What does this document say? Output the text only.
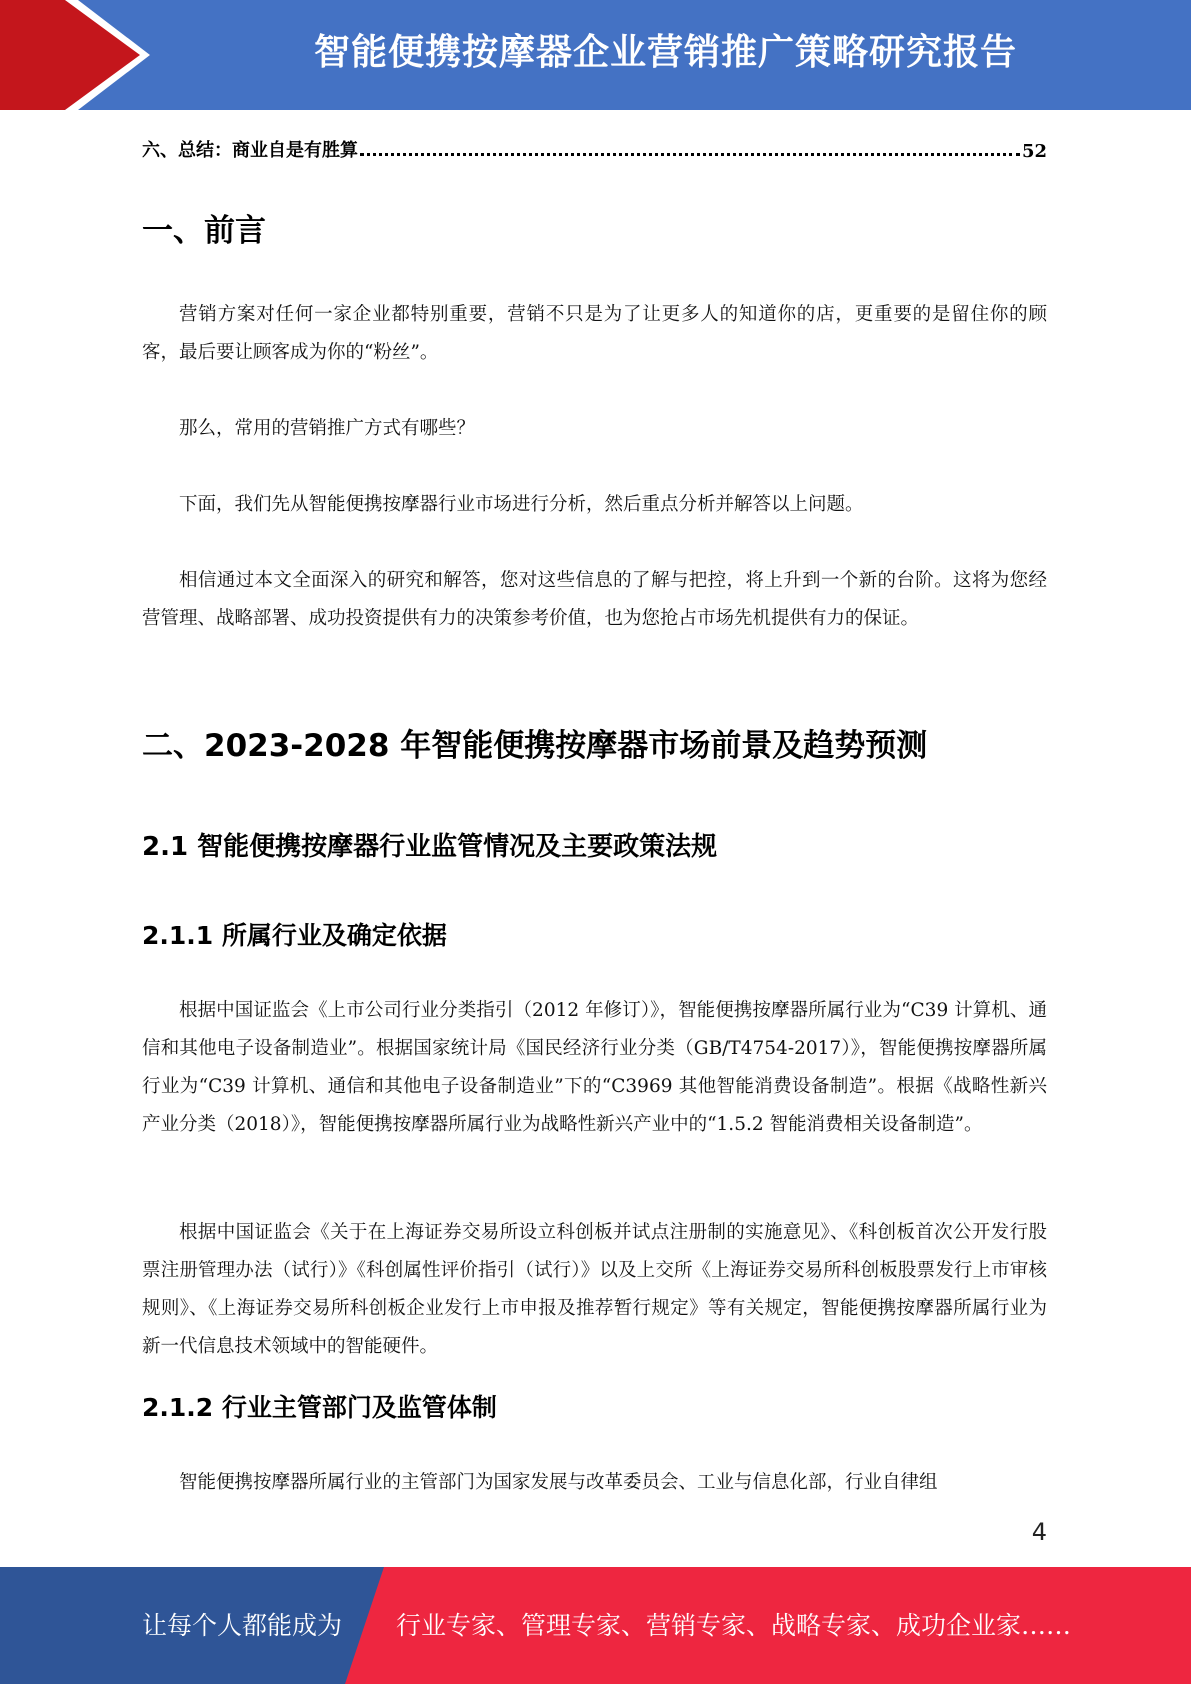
智能便携按摩器企业营销推广策略研究报告
六、总结：商业自是有胜算	52
一、前言

营销方案对任何一家企业都特别重要，营销不只是为了让更多人的知道你的店，更重要的是留住你的顾客，最后要让顾客成为你的“粉丝”。

那么，常用的营销推广方式有哪些？

下面，我们先从智能便携按摩器行业市场进行分析，然后重点分析并解答以上问题。

相信通过本文全面深入的研究和解答，您对这些信息的了解与把控，将上升到一个新的台阶。这将为您经营管理、战略部署、成功投资提供有力的决策参考价值，也为您抢占市场先机提供有力的保证。

二、2023-2028 年智能便携按摩器市场前景及趋势预测
2.1 智能便携按摩器行业监管情况及主要政策法规
2.1.1 所属行业及确定依据

根据中国证监会《上市公司行业分类指引（2012 年修订）》，智能便携按摩器所属行业为“C39 计算机、通信和其他电子设备制造业”。根据国家统计局《国民经济行业分类（GB/T4754-2017）》，智能便携按摩器所属行业为“C39 计算机、通信和其他电子设备制造业”下的“C3969 其他智能消费设备制造”。根据《战略性新兴产业分类（2018）》，智能便携按摩器所属行业为战略性新兴产业中的“1.5.2 智能消费相关设备制造”。

根据中国证监会《关于在上海证券交易所设立科创板并试点注册制的实施意见》、《科创板首次公开发行股票注册管理办法（试行）》《科创属性评价指引（试行）》以及上交所《上海证券交易所科创板股票发行上市审核规则》、《上海证券交易所科创板企业发行上市申报及推荐暂行规定》等有关规定，智能便携按摩器所属行业为新一代信息技术领域中的智能硬件。

2.1.2 行业主管部门及监管体制

智能便携按摩器所属行业的主管部门为国家发展与改革委员会、工业与信息化部，行业自律组

4
让每个人都能成为 行业专家、管理专家、营销专家、战略专家、成功企业家……
